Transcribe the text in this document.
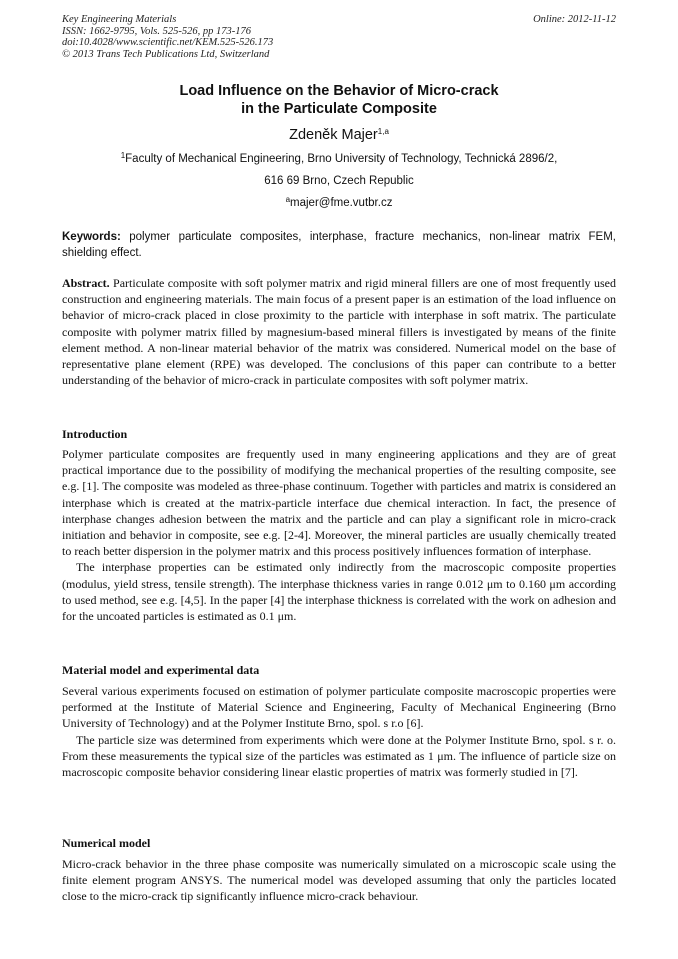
Key Engineering Materials
ISSN: 1662-9795, Vols. 525-526, pp 173-176
doi:10.4028/www.scientific.net/KEM.525-526.173
© 2013 Trans Tech Publications Ltd, Switzerland
Online: 2012-11-12
Load Influence on the Behavior of Micro-crack
in the Particulate Composite
Zdeněk Majer$^{1,a}$
$^1$Faculty of Mechanical Engineering, Brno University of Technology, Technická 2896/2,
616 69 Brno, Czech Republic
$^a$majer@fme.vutbr.cz
Keywords: polymer particulate composites, interphase, fracture mechanics, non-linear matrix FEM, shielding effect.
Abstract. Particulate composite with soft polymer matrix and rigid mineral fillers are one of most frequently used construction and engineering materials. The main focus of a present paper is an estimation of the load influence on behavior of micro-crack placed in close proximity to the particle with interphase in soft matrix. The particulate composite with polymer matrix filled by magnesium-based mineral fillers is investigated by means of the finite element method. A non-linear material behavior of the matrix was considered. Numerical model on the base of representative plane element (RPE) was developed. The conclusions of this paper can contribute to a better understanding of the behavior of micro-crack in particulate composites with soft polymer matrix.
Introduction
Polymer particulate composites are frequently used in many engineering applications and they are of great practical importance due to the possibility of modifying the mechanical properties of the resulting composite, see e.g. [1]. The composite was modeled as three-phase continuum. Together with particles and matrix is considered an interphase which is created at the matrix-particle interface due chemical interaction. In fact, the presence of interphase changes adhesion between the matrix and the particle and can play a significant role in micro-crack initiation and behavior in composite, see e.g. [2-4]. Moreover, the mineral particles are usually chemically treated to reach better dispersion in the polymer matrix and this process positively influences formation of interphase.
The interphase properties can be estimated only indirectly from the macroscopic composite properties (modulus, yield stress, tensile strength). The interphase thickness varies in range 0.012 μm to 0.160 μm according to used method, see e.g. [4,5]. In the paper [4] the interphase thickness is correlated with the work on adhesion and for the uncoated particles is estimated as 0.1 μm.
Material model and experimental data
Several various experiments focused on estimation of polymer particulate composite macroscopic properties were performed at the Institute of Material Science and Engineering, Faculty of Mechanical Engineering (Brno University of Technology) and at the Polymer Institute Brno, spol. s r.o [6].
The particle size was determined from experiments which were done at the Polymer Institute Brno, spol. s r. o. From these measurements the typical size of the particles was estimated as 1 μm. The influence of particle size on macroscopic composite behavior considering linear elastic properties of matrix was formerly studied in [7].
Numerical model
Micro-crack behavior in the three phase composite was numerically simulated on a microscopic scale using the finite element program ANSYS. The numerical model was developed assuming that only the particles located close to the micro-crack tip significantly influence micro-crack behaviour.
